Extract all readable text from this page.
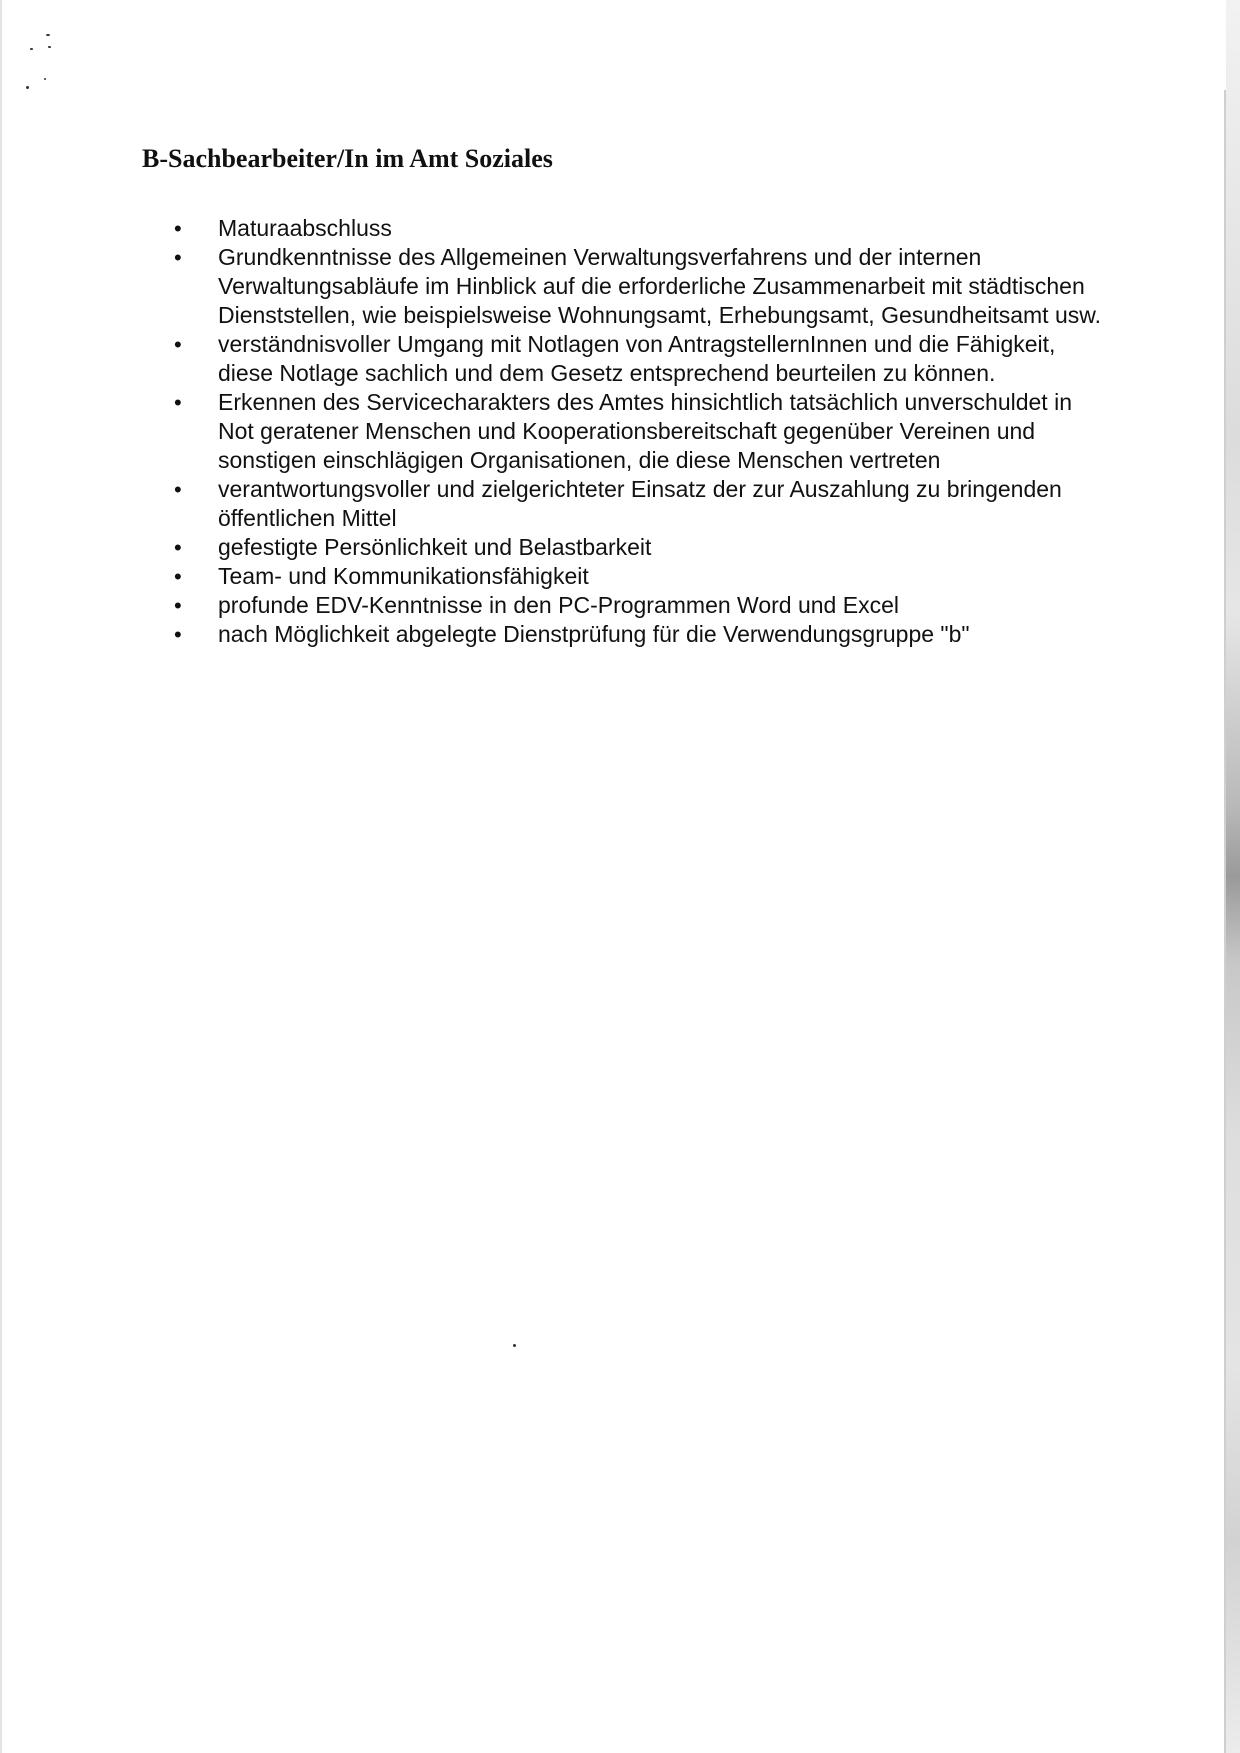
B-Sachbearbeiter/In im Amt Soziales
• Maturaabschluss
• Grundkenntnisse des Allgemeinen Verwaltungsverfahrens und der internen Verwaltungsabläufe im Hinblick auf die erforderliche Zusammenarbeit mit städtischen Dienststellen, wie beispielsweise Wohnungsamt, Erhebungsamt, Gesundheitsamt usw.
• verständnisvoller Umgang mit Notlagen von AntragstellernInnen und die Fähigkeit, diese Notlage sachlich und dem Gesetz entsprechend beurteilen zu können.
• Erkennen des Servicecharakters des Amtes hinsichtlich tatsächlich unverschuldet in Not geratener Menschen und Kooperationsbereitschaft gegenüber Vereinen und sonstigen einschlägigen Organisationen, die diese Menschen vertreten
• verantwortungsvoller und zielgerichteter Einsatz der zur Auszahlung zu bringenden öffentlichen Mittel
• gefestigte Persönlichkeit und Belastbarkeit
• Team- und Kommunikationsfähigkeit
• profunde EDV-Kenntnisse in den PC-Programmen Word und Excel
• nach Möglichkeit abgelegte Dienstprüfung für die Verwendungsgruppe "b"
